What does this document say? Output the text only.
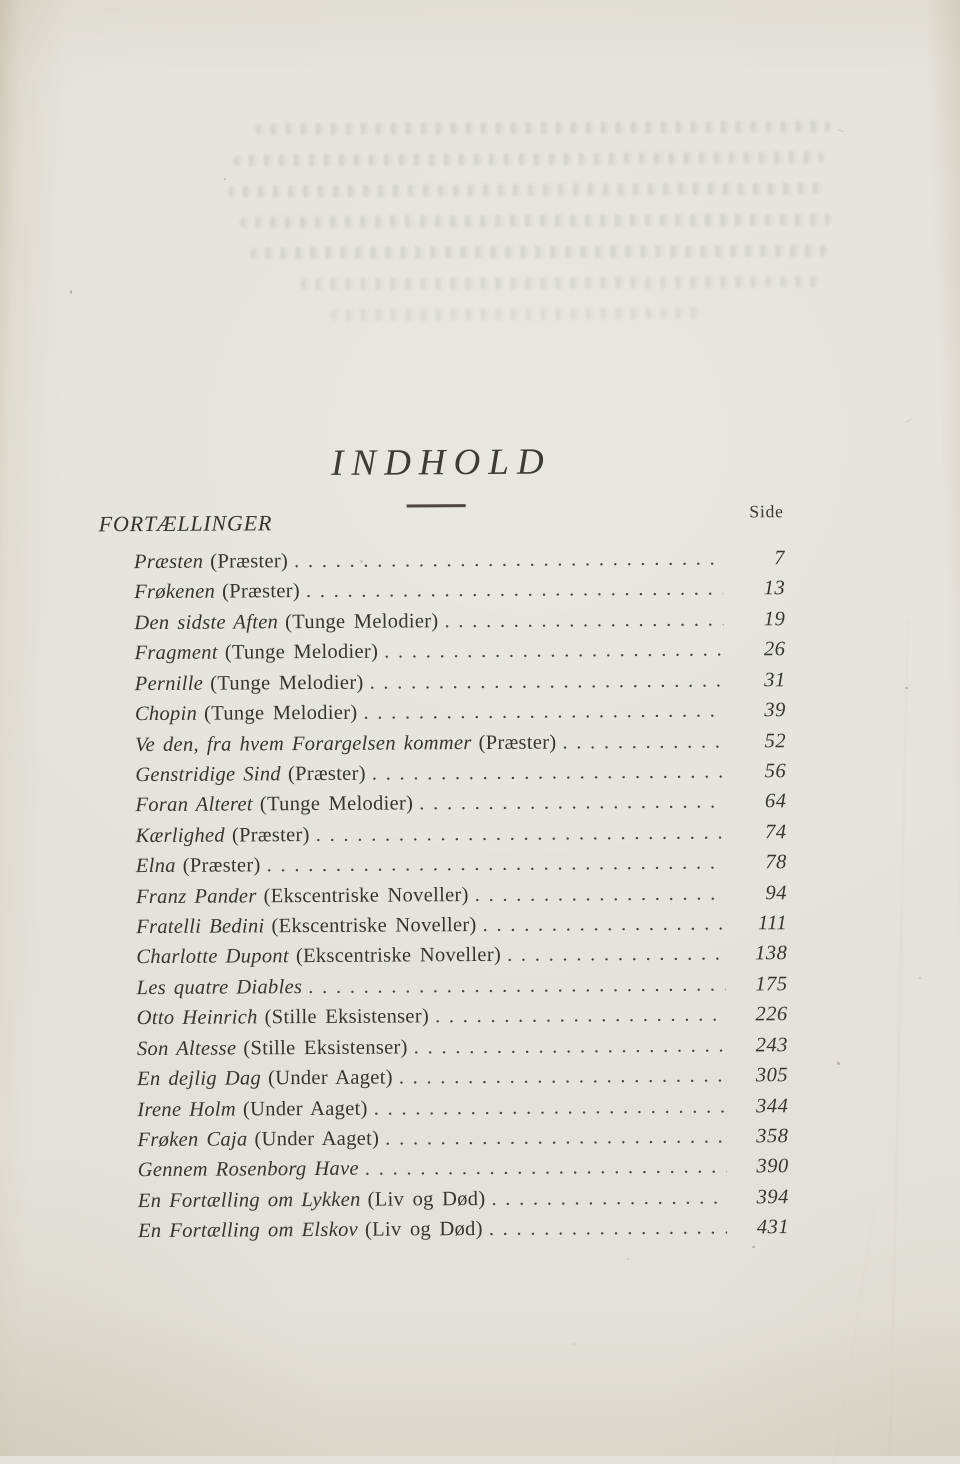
INDHOLD
FORTÆLLINGER	Side
Præsten (Præster) . . .	7
Frøkenen (Præster) . . .	13
Den sidste Aften (Tunge Melodier) . . .	19
Fragment (Tunge Melodier) . . .	26
Pernille (Tunge Melodier) . . .	31
Chopin (Tunge Melodier) . . .	39
Ve den, fra hvem Forargelsen kommer (Præster) . . .	52
Genstridige Sind (Præster) . . .	56
Foran Alteret (Tunge Melodier) . . .	64
Kærlighed (Præster) . . .	74
Elna (Præster) . . .	78
Franz Pander (Ekscentriske Noveller) . . .	94
Fratelli Bedini (Ekscentriske Noveller) . . .	111
Charlotte Dupont (Ekscentriske Noveller) . . .	138
Les quatre Diables . . .	175
Otto Heinrich (Stille Eksistenser) . . .	226
Son Altesse (Stille Eksistenser) . . .	243
En dejlig Dag (Under Aaget) . . .	305
Irene Holm (Under Aaget) . . .	344
Frøken Caja (Under Aaget) . . .	358
Gennem Rosenborg Have . . .	390
En Fortælling om Lykken (Liv og Død) . . .	394
En Fortælling om Elskov (Liv og Død) . . .	431
